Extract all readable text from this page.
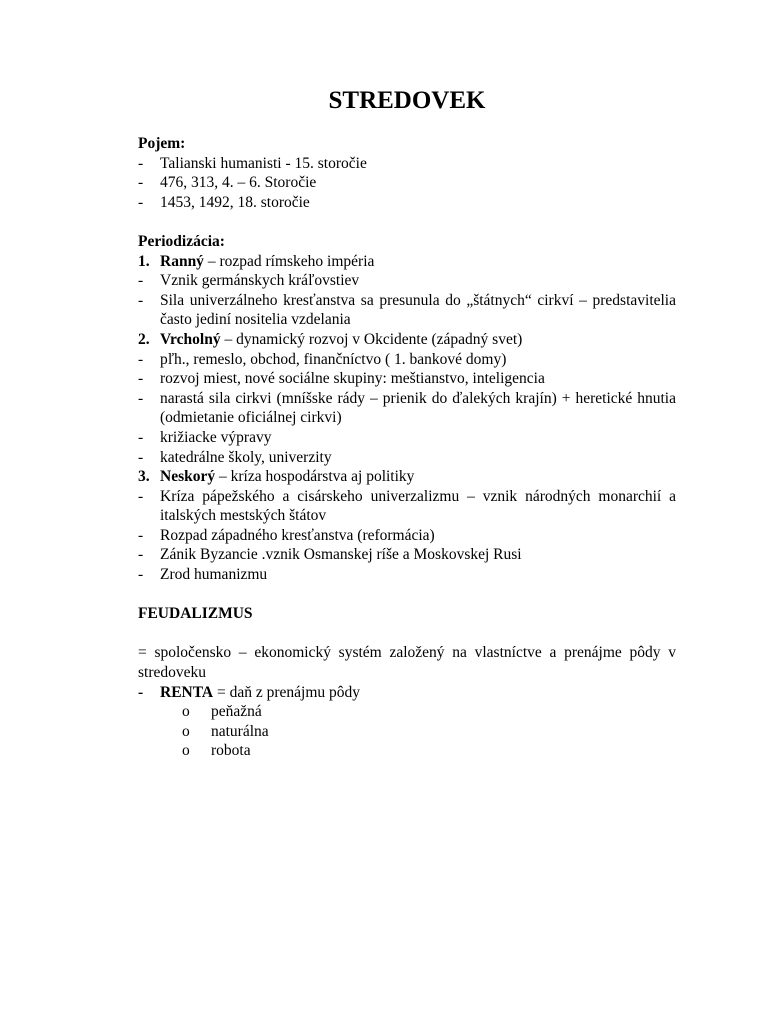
STREDOVEK
Pojem:
-	Talianski humanisti - 15. storočie
-	476, 313, 4. – 6. Storočie
-	1453, 1492, 18. storočie
Periodizácia:
1. Ranný – rozpad rímskeho impéria
-	Vznik germánskych kráľovstiev
-	Sila univerzálneho kresťanstva sa presunula do „štátnych“ cirkví – predstavitelia často jediní nositelia vzdelania
2. Vrcholný – dynamický rozvoj v Okcidente (západný svet)
-	pľh., remeslo, obchod, finančníctvo ( 1. bankové domy)
-	rozvoj miest, nové sociálne skupiny: meštianstvo, inteligencia
-	narastá sila cirkvi (mníšske rády – prienik do ďalekých krajín) + heretické hnutia (odmietanie oficiálnej cirkvi)
-	križiacke výpravy
-	katedrálne školy, univerzity
3. Neskorý – kríza hospodárstva aj politiky
-	Kríza pápežského a cisárskeho univerzalizmu – vznik národných monarchií a italských mestských štátov
-	Rozpad západného kresťanstva (reformácia)
-	Zánik Byzancie .vznik Osmanskej ríše a Moskovskej Rusi
-	Zrod humanizmu
FEUDALIZMUS
= spoločensko – ekonomický systém založený na vlastníctve a prenájme pôdy v stredoveku
-	RENTA = daň z prenájmu pôdy
o	peňažná
o	naturálna
o	robota
